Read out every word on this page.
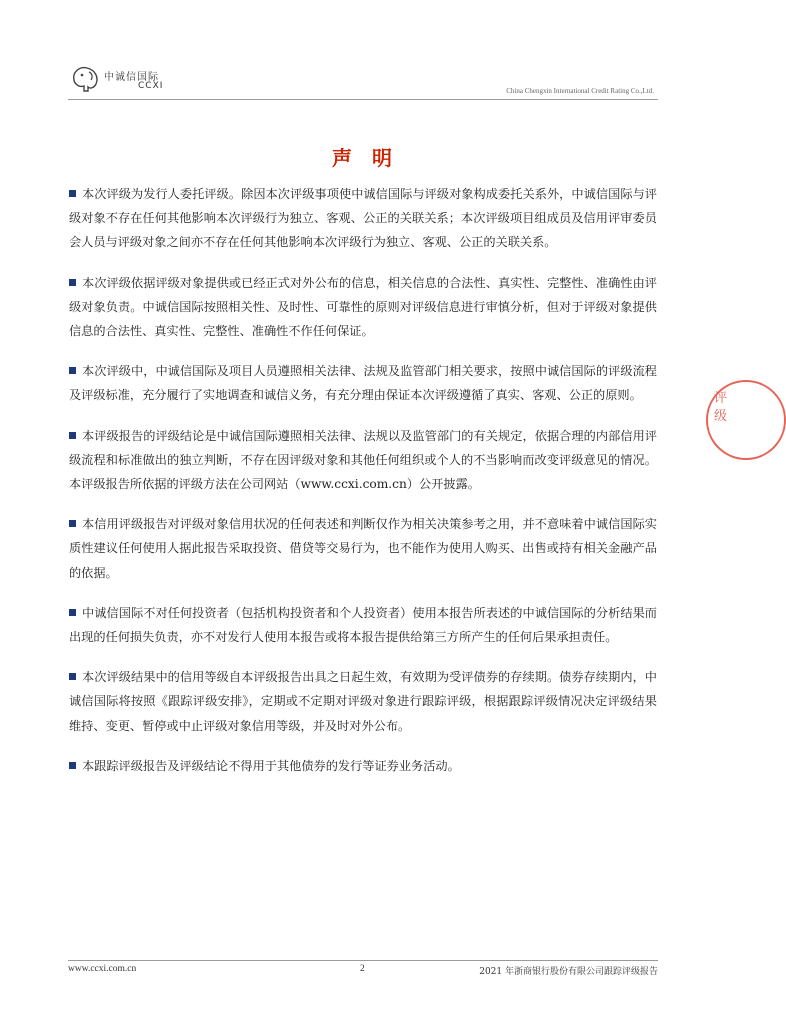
中诚信国际
CCXI	China Chengxin International Credit Rating Co.,Ltd.
声明

本次评级为发行人委托评级。除因本次评级事项使中诚信国际与评级对象构成委托关系外，中诚信国际与评级对象不存在任何其他影响本次评级行为独立、客观、公正的关联关系；本次评级项目组成员及信用评审委员会人员与评级对象之间亦不存在任何其他影响本次评级行为独立、客观、公正的关联关系。

本次评级依据评级对象提供或已经正式对外公布的信息，相关信息的合法性、真实性、完整性、准确性由评级对象负责。中诚信国际按照相关性、及时性、可靠性的原则对评级信息进行审慎分析，但对于评级对象提供信息的合法性、真实性、完整性、准确性不作任何保证。

本次评级中，中诚信国际及项目人员遵照相关法律、法规及监管部门相关要求，按照中诚信国际的评级流程及评级标准，充分履行了实地调查和诚信义务，有充分理由保证本次评级遵循了真实、客观、公正的原则。

本评级报告的评级结论是中诚信国际遵照相关法律、法规以及监管部门的有关规定，依据合理的内部信用评级流程和标准做出的独立判断，不存在因评级对象和其他任何组织或个人的不当影响而改变评级意见的情况。本评级报告所依据的评级方法在公司网站（www.ccxi.com.cn）公开披露。

本信用评级报告对评级对象信用状况的任何表述和判断仅作为相关决策参考之用，并不意味着中诚信国际实质性建议任何使用人据此报告采取投资、借贷等交易行为，也不能作为使用人购买、出售或持有相关金融产品的依据。

中诚信国际不对任何投资者（包括机构投资者和个人投资者）使用本报告所表述的中诚信国际的分析结果而出现的任何损失负责，亦不对发行人使用本报告或将本报告提供给第三方所产生的任何后果承担责任。

本次评级结果中的信用等级自本评级报告出具之日起生效，有效期为受评债券的存续期。债券存续期内，中诚信国际将按照《跟踪评级安排》，定期或不定期对评级对象进行跟踪评级，根据跟踪评级情况决定评级结果维持、变更、暂停或中止评级对象信用等级，并及时对外公布。

本跟踪评级报告及评级结论不得用于其他债券的发行等证券业务活动。

评级
www.ccxi.com.cn	2	2021 年浙商银行股份有限公司跟踪评级报告
